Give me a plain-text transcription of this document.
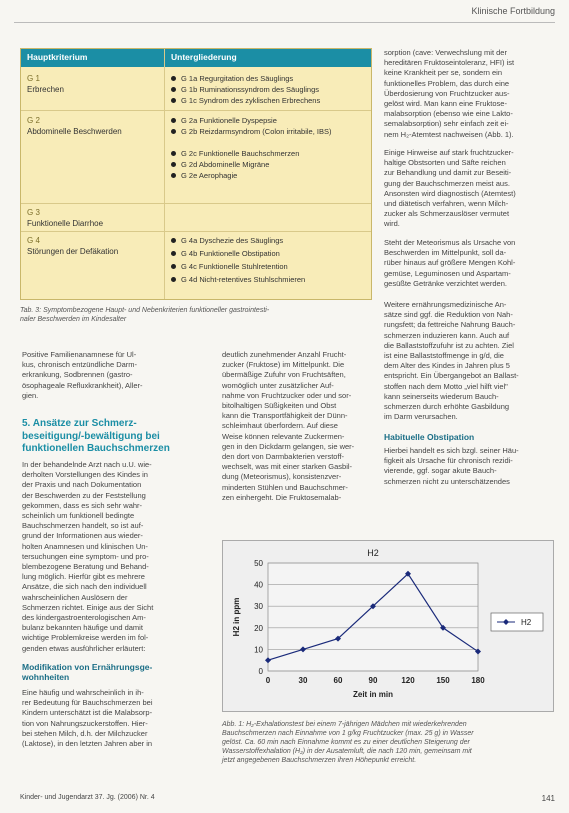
Klinische Fortbildung
Hauptkriterium	Untergliederung
G 1
Erbrechen
G 1a Regurgitation des Säuglings
G 1b Ruminationssyndrom des Säuglings
G 1c Syndrom des zyklischen Erbrechens
G 2
Abdominelle Beschwerden
G 2a Funktionelle Dyspepsie
G 2b Reizdarmsyndrom (Colon irritabile, IBS)
G 2c Funktionelle Bauchschmerzen
G 2d Abdominelle Migräne
G 2e Aerophagie
G 3
Funktionelle Diarrhoe
G 4
Störungen der Defäkation
G 4a Dyschezie des Säuglings
G 4b Funktionelle Obstipation
G 4c Funktionelle Stuhlretention
G 4d Nicht-retentives Stuhlschmieren
Tab. 3: Symptombezogene Haupt- und Nebenkriterien funktioneller gastrointesti-
naler Beschwerden im Kindesalter
Positive Familienanamnese für Ul-
kus, chronisch entzündliche Darm-
erkrankung, Sodbrennen (gastro-
ösophageale Refluxkrankheit), Aller-
gien.
5. Ansätze zur Schmerz-
beseitigung/-bewältigung bei
funktionellen Bauchschmerzen
In der behandelnde Arzt nach u.U. wie-
derholten Vorstellungen des Kindes in
der Praxis und nach Dokumentation
der Beschwerden zu der Feststellung
gekommen, dass es sich sehr wahr-
scheinlich um funktionell bedingte
Bauchschmerzen handelt, so ist auf-
grund der Informationen aus wieder-
holten Anamnesen und klinischen Un-
tersuchungen eine symptom- und pro-
blembezogene Beratung und Behand-
lung möglich. Hierfür gibt es mehrere
Ansätze, die sich nach den individuell
wahrscheinlichen Auslösern der
Schmerzen richtet. Einige aus der Sicht
des kindergastroenterologischen Am-
bulanz bekannten häufige und damit
wichtige Problemkreise werden im fol-
genden etwas ausführlicher erläutert:
Modifikation von Ernährungsge-
wohnheiten
Eine häufig und wahrscheinlich in ih-
rer Bedeutung für Bauchschmerzen bei
Kindern unterschätzt ist die Malabsorp-
tion von Nahrungszuckerstoffen. Hier-
bei stehen Milch, d.h. der Milchzucker
(Laktose), in den letzten Jahren aber in
deutlich zunehmender Anzahl Frucht-
zucker (Fruktose) im Mittelpunkt. Die
übermäßige Zufuhr von Fruchtsäften,
womöglich unter zusätzlicher Auf-
nahme von Fruchtzucker oder und sor-
bitolhaltigen Süßigkeiten und Obst
kann die Transportfähigkeit der Dünn-
schleimhaut überfordern. Auf diese
Weise können relevante Zuckermen-
gen in den Dickdarm gelangen, sie wer-
den dort von Darmbakterien verstoff-
wechselt, was mit einer starken Gasbil-
dung (Meteorismus), konsistenzver-
minderten Stühlen und Bauchschmer-
zen einhergeht. Die Fruktosemalab-
sorption (cave: Verwechslung mit der
hereditären Fruktoseintoleranz, HFI) ist
keine Krankheit per se, sondern ein
funktionelles Problem, das durch eine
Überdosierung von Fruchtzucker aus-
gelöst wird. Man kann eine Fruktose-
malabsorption (ebenso wie eine Lakto-
semalabsorption) sehr einfach zeit ei-
nem H₂-Atemtest nachweisen (Abb. 1).
Einige Hinweise auf stark fruchtzucker-
haltige Obstsorten und Säfte reichen
zur Behandlung und damit zur Beseiti-
gung der Bauchschmerzen meist aus.
Ansonsten wird diagnostisch (Atemtest)
und diätetisch verfahren, wenn Milch-
zucker als Schmerzauslöser vermutet
wird.
Steht der Meteorismus als Ursache von
Beschwerden im Mittelpunkt, soll da-
rüber hinaus auf größere Mengen Kohl-
gemüse, Leguminosen und Aspartam-
gesüßte Getränke verzichtet werden.
Weitere ernährungsmedizinische An-
sätze sind ggf. die Reduktion von Nah-
rungsfett; da fettreiche Nahrung Bauch-
schmerzen induzieren kann. Auch auf
die Ballaststoffzufuhr ist zu achten. Ziel
ist eine Ballaststoffmenge in g/d, die
dem Alter des Kindes in Jahren plus 5
entspricht. Ein Übergangebot an Ballast-
stoffen nach dem Motto „viel hilft viel"
kann seinerseits wiederum Bauch-
schmerzen durch erhöhte Gasbildung
im Darm verursachen.
Habituelle Obstipation
Hierbei handelt es sich bzgl. seiner Häu-
figkeit als Ursache für chronisch rezidi-
vierende, ggf. sogar akute Bauch-
schmerzen nicht zu unterschätzendes
0
10
20
30
40
50
0	30	60	90	120	150	180
H2
Zeit in min
H2 in ppm	H2
Abb. 1: H₂-Exhalationstest bei einem 7-jährigen Mädchen mit wiederkehrenden
Bauchschmerzen nach Einnahme von 1 g/kg Fruchtzucker (max. 25 g) in Wasser
gelöst. Ca. 60 min nach Einnahme kommt es zu einer deutlichen Steigerung der
Wasserstoffexhalation (H₂) in der Ausatemluft, die nach 120 min, gemeinsam mit
jetzt angegebenen Bauchschmerzen ihren Höhepunkt erreicht.
Kinder- und Jugendarzt 37. Jg. (2006) Nr. 4	141
